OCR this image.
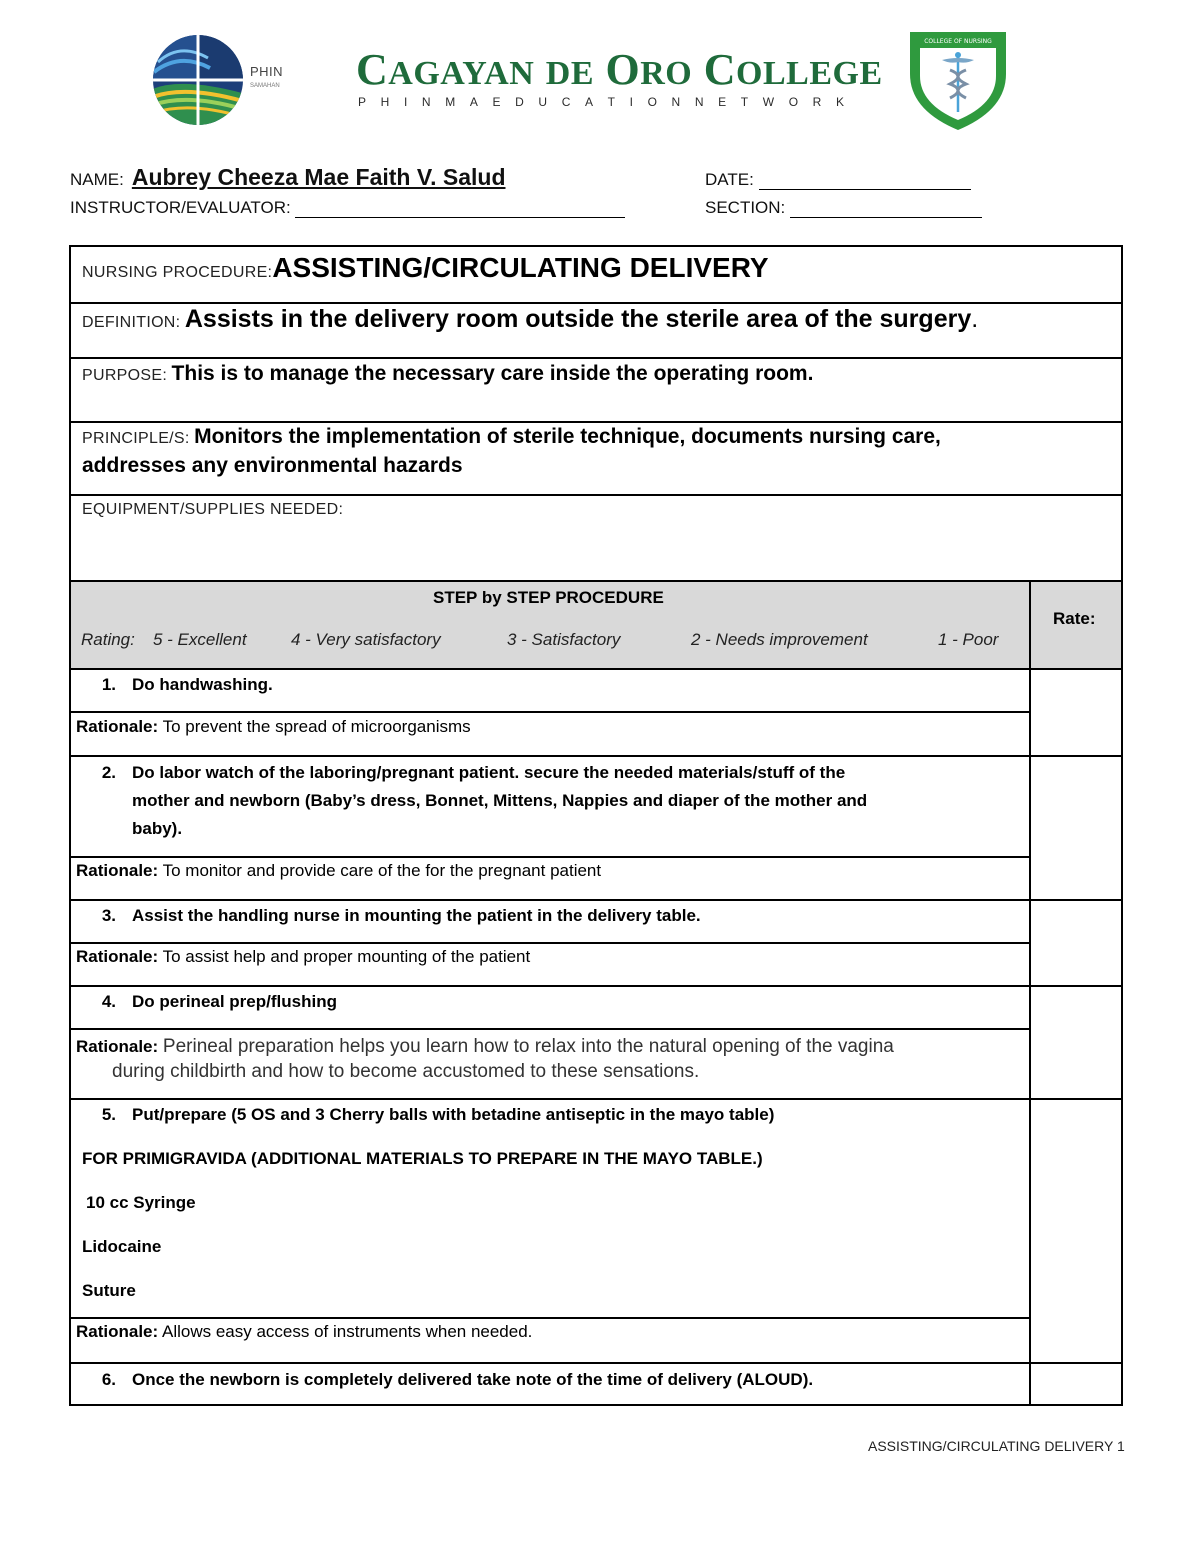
PHIN
SAMAHAN CAGAYAN DE ORO COLLEGE
P H I N M A E D U C A T I O N N E T W O R K
COLLEGE OF NURSING
NAME: Aubrey Cheeza Mae Faith V. Salud	DATE:
INSTRUCTOR/EVALUATOR:	SECTION:
NURSING PROCEDURE:ASSISTING/CIRCULATING DELIVERY
DEFINITION: Assists in the delivery room outside the sterile area of the surgery.
PURPOSE: This is to manage the necessary care inside the operating room.
PRINCIPLE/S: Monitors the implementation of sterile technique, documents nursing care,
addresses any environmental hazards
EQUIPMENT/SUPPLIES NEEDED:
STEP by STEP PROCEDURE
Rate:
Rating: 5 - Excellent	4 - Very satisfactory	3 - Satisfactory	2 - Needs improvement	1 - Poor
1. Do handwashing.
Rationale: To prevent the spread of microorganisms
2. Do labor watch of the laboring/pregnant patient. secure the needed materials/stuff of the
mother and newborn (Baby’s dress, Bonnet, Mittens, Nappies and diaper of the mother and
baby).
Rationale: To monitor and provide care of the for the pregnant patient
3. Assist the handling nurse in mounting the patient in the delivery table.
Rationale: To assist help and proper mounting of the patient
4. Do perineal prep/flushing
Rationale: Perineal preparation helps you learn how to relax into the natural opening of the vagina
during childbirth and how to become accustomed to these sensations.
5. Put/prepare (5 OS and 3 Cherry balls with betadine antiseptic in the mayo table)
FOR PRIMIGRAVIDA (ADDITIONAL MATERIALS TO PREPARE IN THE MAYO TABLE.)
10 cc Syringe
Lidocaine
Suture
Rationale: Allows easy access of instruments when needed.
6. Once the newborn is completely delivered take note of the time of delivery (ALOUD).
ASSISTING/CIRCULATING DELIVERY 1
